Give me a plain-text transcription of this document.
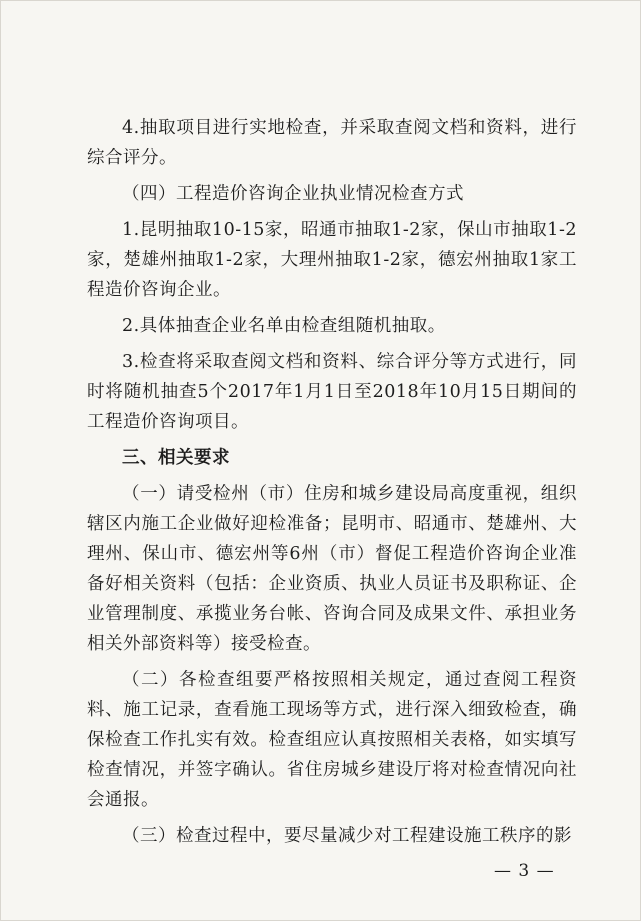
4.抽取项目进行实地检查，并采取查阅文档和资料，进行综合评分。

（四）工程造价咨询企业执业情况检查方式

1.昆明抽取10-15家，昭通市抽取1-2家，保山市抽取1-2家，楚雄州抽取1-2家，大理州抽取1-2家，德宏州抽取1家工程造价咨询企业。

2.具体抽查企业名单由检查组随机抽取。

3.检查将采取查阅文档和资料、综合评分等方式进行，同时将随机抽查5个2017年1月1日至2018年10月15日期间的工程造价咨询项目。

三、相关要求

（一）请受检州（市）住房和城乡建设局高度重视，组织辖区内施工企业做好迎检准备；昆明市、昭通市、楚雄州、大理州、保山市、德宏州等6州（市）督促工程造价咨询企业准备好相关资料（包括：企业资质、执业人员证书及职称证、企业管理制度、承揽业务台帐、咨询合同及成果文件、承担业务相关外部资料等）接受检查。

（二）各检查组要严格按照相关规定，通过查阅工程资料、施工记录，查看施工现场等方式，进行深入细致检查，确保检查工作扎实有效。检查组应认真按照相关表格，如实填写检查情况，并签字确认。省住房城乡建设厅将对检查情况向社会通报。

（三）检查过程中，要尽量减少对工程建设施工秩序的影

— 3 —
